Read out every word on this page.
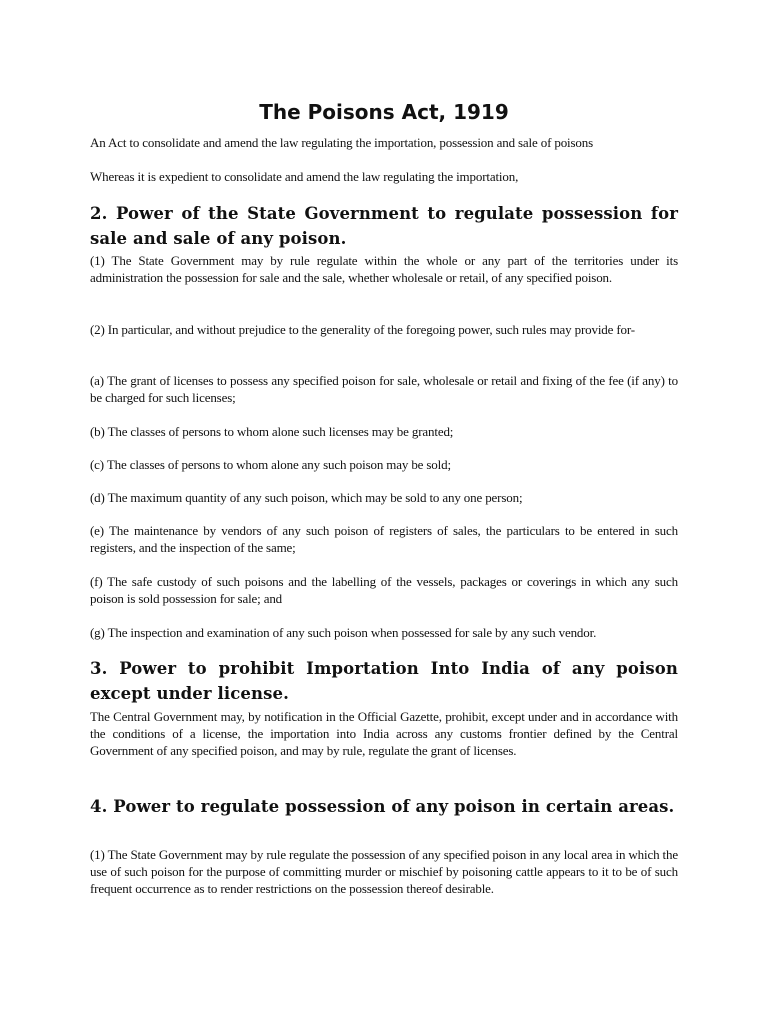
The Poisons Act, 1919

An Act to consolidate and amend the law regulating the importation, possession and sale of poisons

Whereas it is expedient to consolidate and amend the law regulating the importation,

2. Power of the State Government to regulate possession for sale and sale of any poison.

(1) The State Government may by rule regulate within the whole or any part of the territories under its administration the possession for sale and the sale, whether wholesale or retail, of any specified poison.

(2) In particular, and without prejudice to the generality of the foregoing power, such rules may provide for-

(a) The grant of licenses to possess any specified poison for sale, wholesale or retail and fixing of the fee (if any) to be charged for such licenses;

(b) The classes of persons to whom alone such licenses may be granted;

(c) The classes of persons to whom alone any such poison may be sold;

(d) The maximum quantity of any such poison, which may be sold to any one person;

(e) The maintenance by vendors of any such poison of registers of sales, the particulars to be entered in such registers, and the inspection of the same;

(f) The safe custody of such poisons and the labelling of the vessels, packages or coverings in which any such poison is sold possession for sale; and

(g) The inspection and examination of any such poison when possessed for sale by any such vendor.

3. Power to prohibit Importation Into India of any poison except under license.

The Central Government may, by notification in the Official Gazette, prohibit, except under and in accordance with the conditions of a license, the importation into India across any customs frontier defined by the Central Government of any specified poison, and may by rule, regulate the grant of licenses.

4. Power to regulate possession of any poison in certain areas.

(1) The State Government may by rule regulate the possession of any specified poison in any local area in which the use of such poison for the purpose of committing murder or mischief by poisoning cattle appears to it to be of such frequent occurrence as to render restrictions on the possession thereof desirable.
